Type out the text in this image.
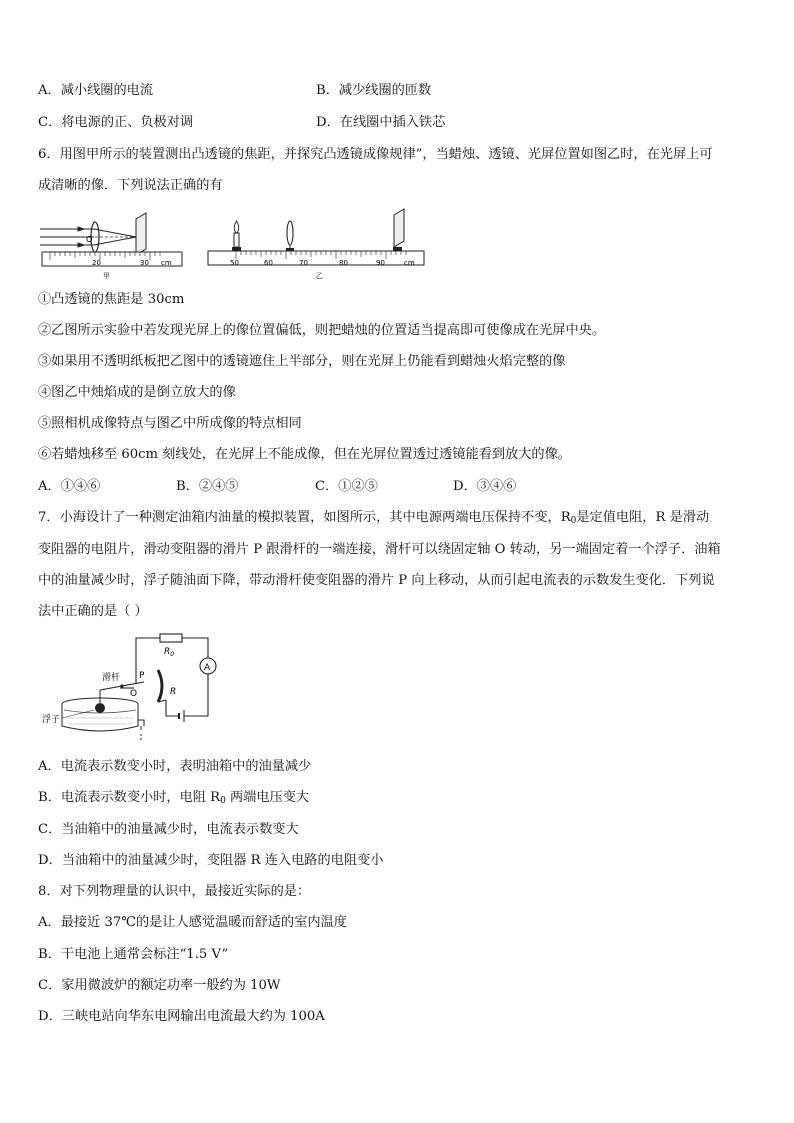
A．减小线圈的电流	B．减少线圈的匝数
C．将电源的正、负极对调	D．在线圈中插入铁芯
6．用图甲所示的装置测出凸透镜的焦距，并探究凸透镜成像规律”，当蜡烛、透镜、光屏位置如图乙时，在光屏上可
成清晰的像．下列说法正确的有
O
20	30 cm
甲
50	60	70	80	90	cm
乙
①凸透镜的焦距是 30cm
②乙图所示实验中若发现光屏上的像位置偏低，则把蜡烛的位置适当提高即可使像成在光屏中央。
③如果用不透明纸板把乙图中的透镜遮住上半部分，则在光屏上仍能看到蜡烛火焰完整的像
④图乙中烛焰成的是倒立放大的像
⑤照相机成像特点与图乙中所成像的特点相同
⑥若蜡烛移至 60cm 刻线处，在光屏上不能成像，但在光屏位置透过透镜能看到放大的像。
A．①④⑥	B．②④⑤	C．①②⑤	D．③④⑥
7．小海设计了一种测定油箱内油量的模拟装置，如图所示，其中电源两端电压保持不变，$R_0$是定值电阻，R 是滑动
变阻器的电阻片，滑动变阻器的滑片 P 跟滑杆的一端连接，滑杆可以绕固定轴 O 转动，另一端固定着一个浮子．油箱
中的油量减少时，浮子随油面下降，带动滑杆使变阻器的滑片 P 向上移动，从而引起电流表的示数发生变化．下列说
法中正确的是（ ）
$R_0$
A
滑杆 P
O	R
浮子
A．电流表示数变小时，表明油箱中的油量减少
B．电流表示数变小时，电阻 $R_0$ 两端电压变大
C．当油箱中的油量减少时，电流表示数变大
D．当油箱中的油量减少时，变阻器 R 连入电路的电阻变小
8．对下列物理量的认识中，最接近实际的是：
A．最接近 37℃的是让人感觉温暖而舒适的室内温度
B．干电池上通常会标注“1.5 V”
C．家用微波炉的额定功率一般约为 10W
D．三峡电站向华东电网输出电流最大约为 100A
